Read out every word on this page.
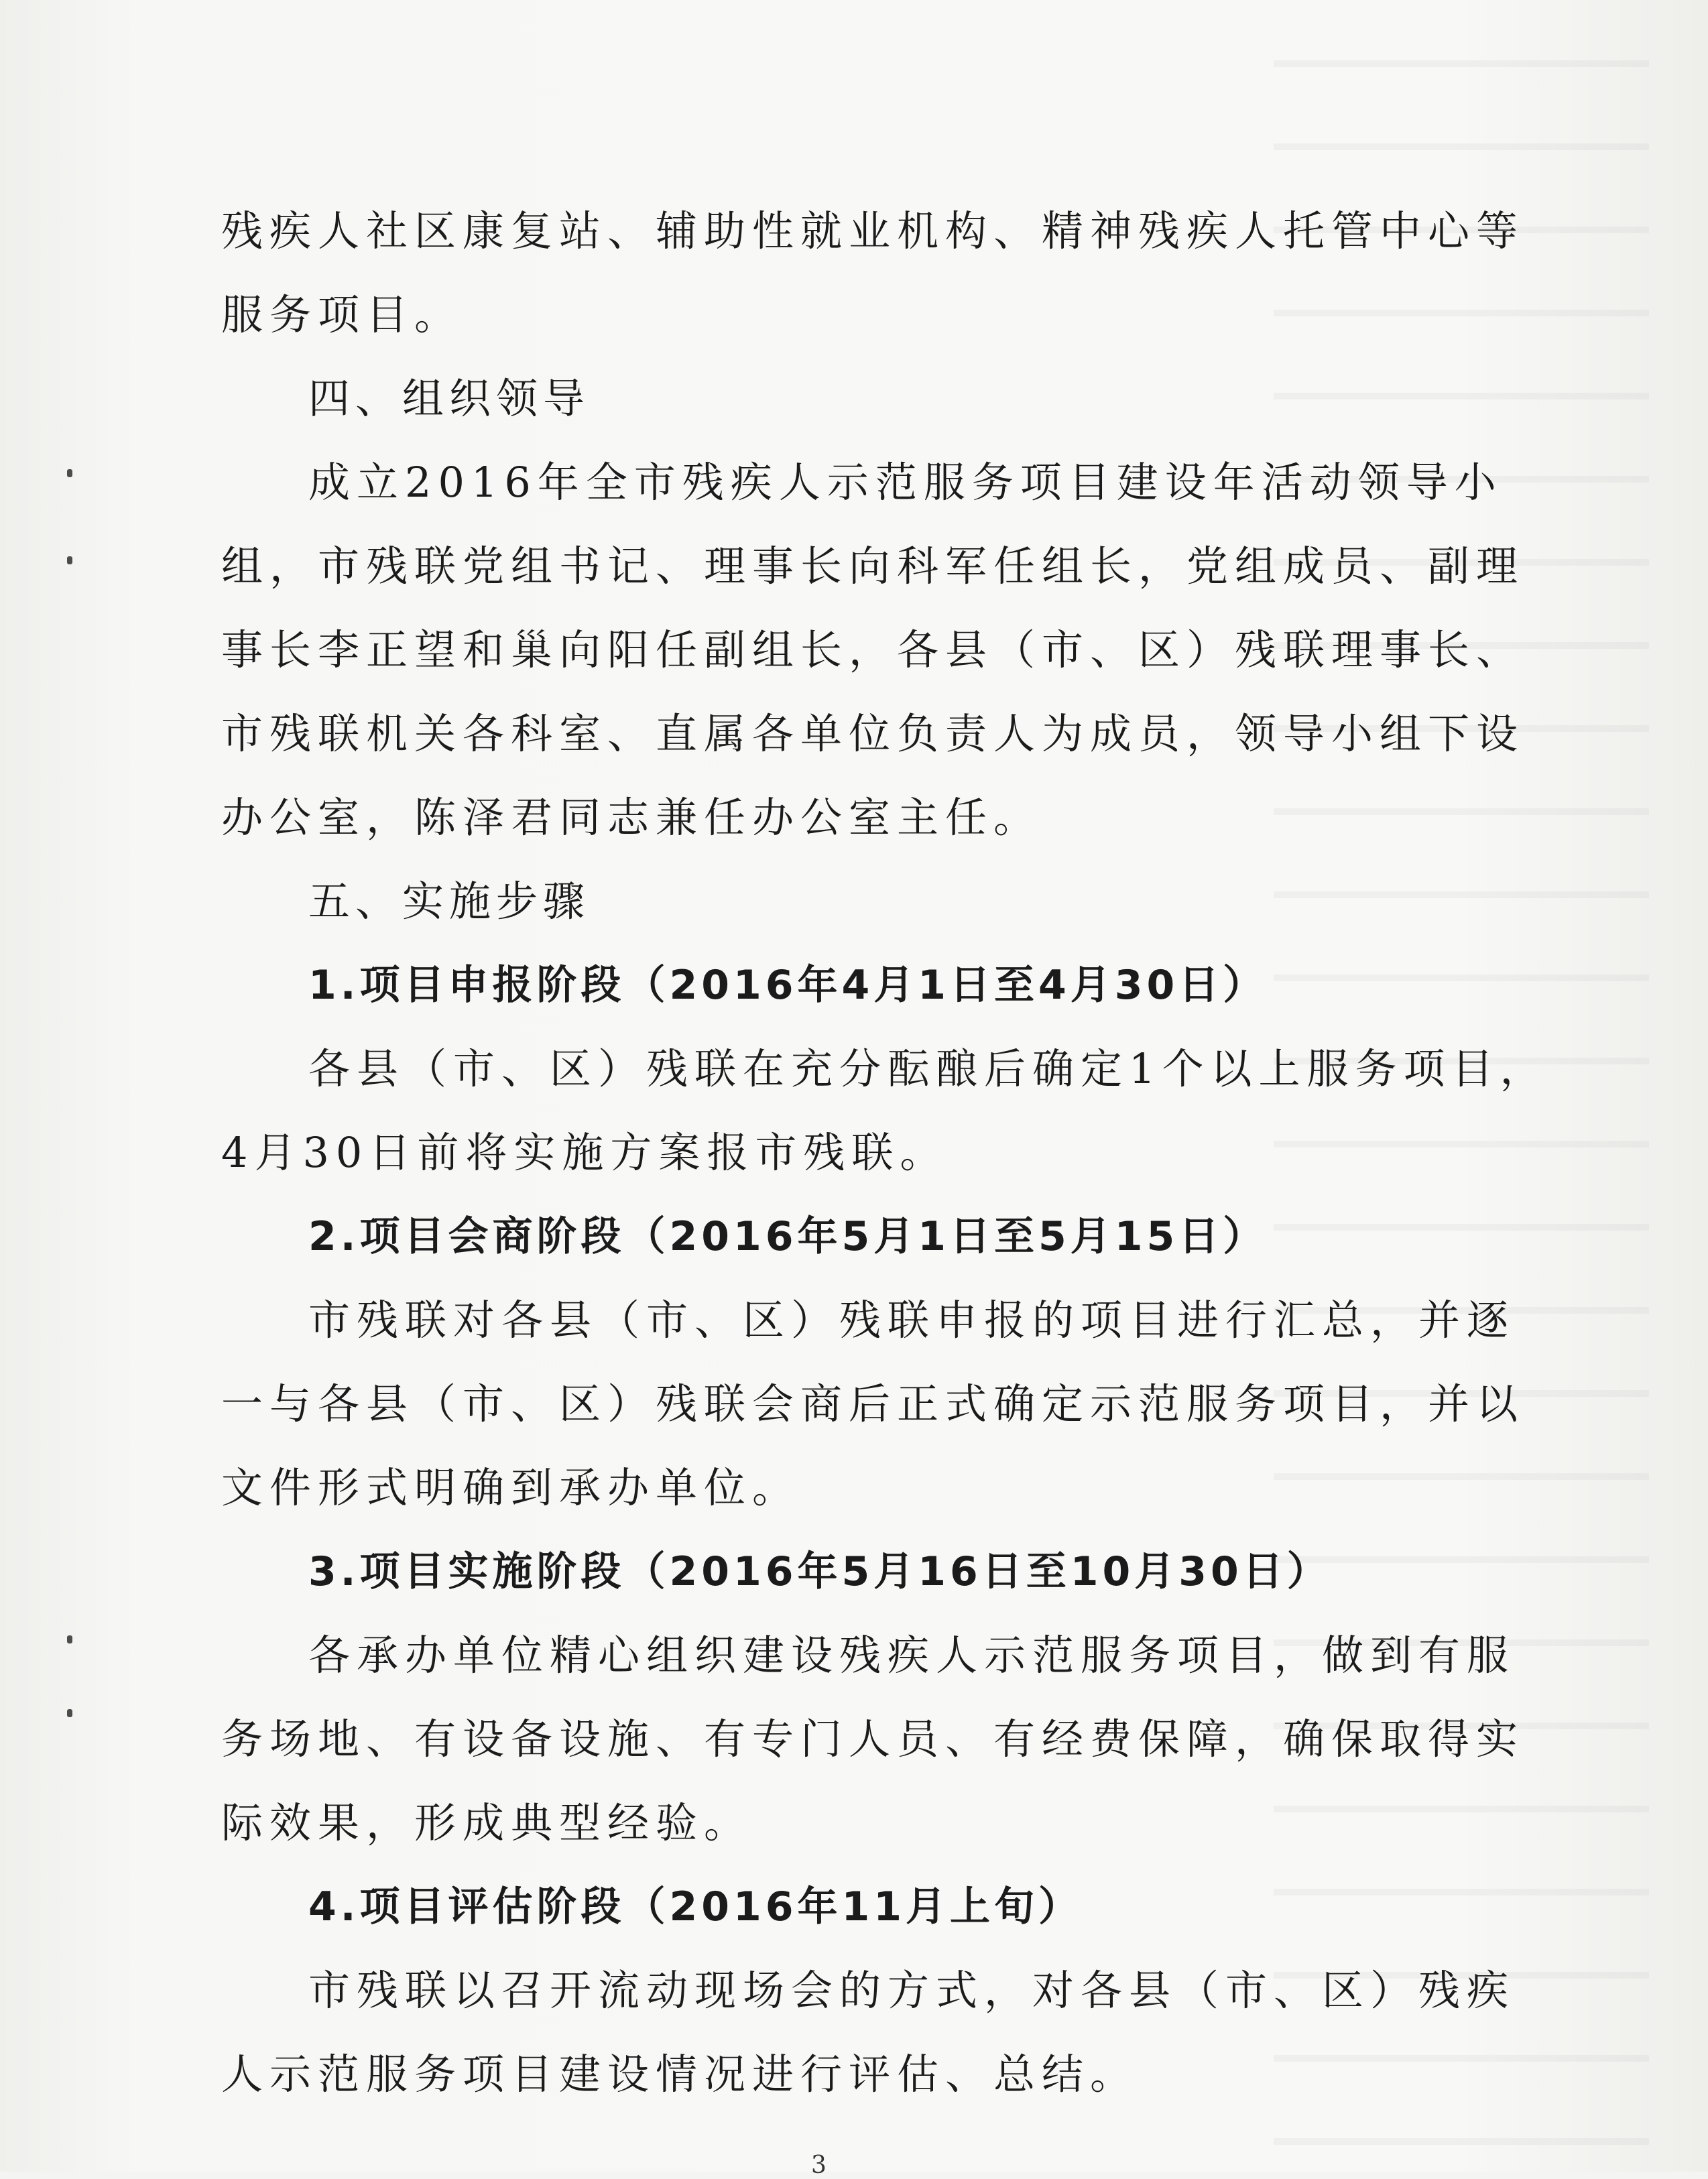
残疾人社区康复站、辅助性就业机构、精神残疾人托管中心等
服务项目。
四、组织领导
成立2016年全市残疾人示范服务项目建设年活动领导小
组，市残联党组书记、理事长向科军任组长，党组成员、副理
事长李正望和巢向阳任副组长，各县（市、区）残联理事长、
市残联机关各科室、直属各单位负责人为成员，领导小组下设
办公室，陈泽君同志兼任办公室主任。
五、实施步骤
1.项目申报阶段（2016年4月1日至4月30日）
各县（市、区）残联在充分酝酿后确定1个以上服务项目，
4月30日前将实施方案报市残联。
2.项目会商阶段（2016年5月1日至5月15日）
市残联对各县（市、区）残联申报的项目进行汇总，并逐
一与各县（市、区）残联会商后正式确定示范服务项目，并以
文件形式明确到承办单位。
3.项目实施阶段（2016年5月16日至10月30日）
各承办单位精心组织建设残疾人示范服务项目，做到有服
务场地、有设备设施、有专门人员、有经费保障，确保取得实
际效果，形成典型经验。
4.项目评估阶段（2016年11月上旬）
市残联以召开流动现场会的方式，对各县（市、区）残疾
人示范服务项目建设情况进行评估、总结。
3
